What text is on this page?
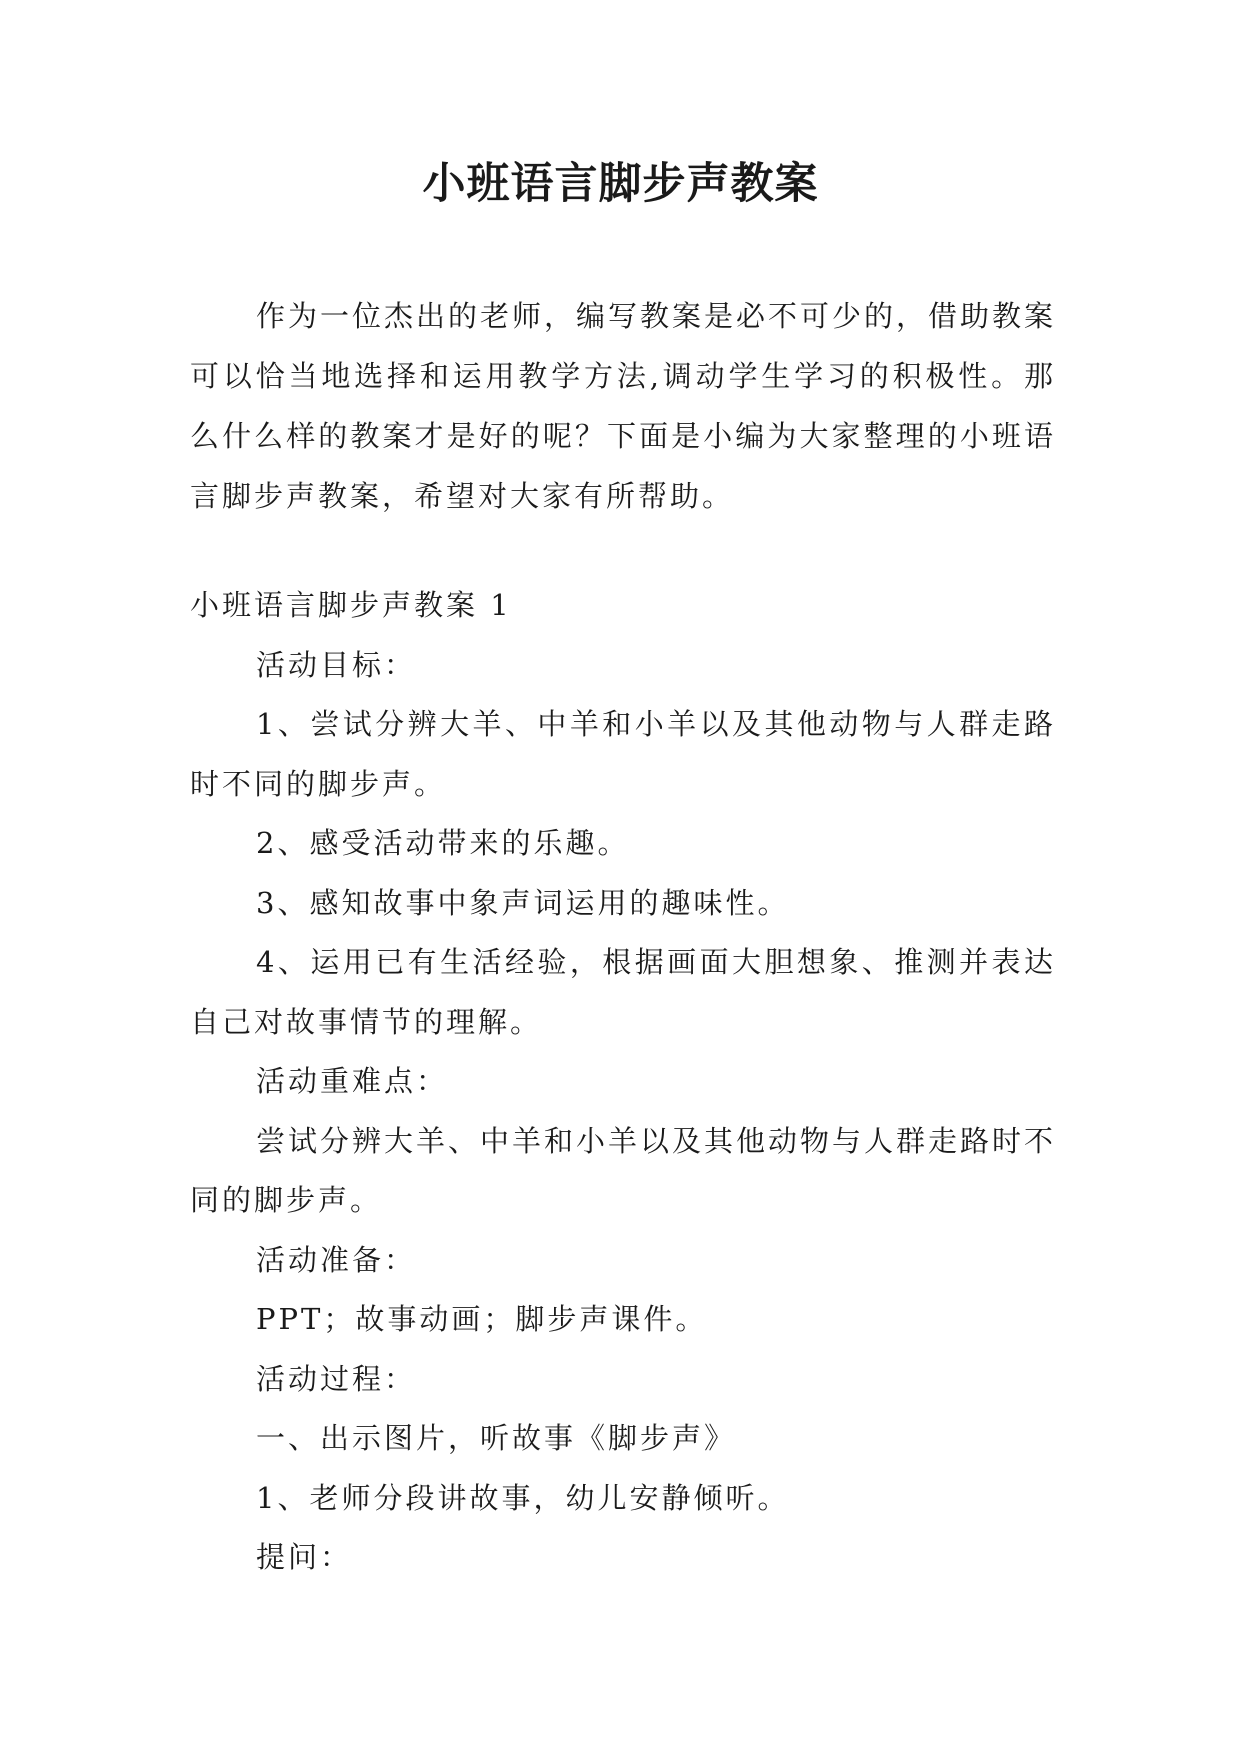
小班语言脚步声教案
作为一位杰出的老师，编写教案是必不可少的，借助教案可以恰当地选择和运用教学方法,调动学生学习的积极性。那么什么样的教案才是好的呢？下面是小编为大家整理的小班语言脚步声教案，希望对大家有所帮助。

小班语言脚步声教案 1

活动目标：

1、尝试分辨大羊、中羊和小羊以及其他动物与人群走路时不同的脚步声。

2、感受活动带来的乐趣。

3、感知故事中象声词运用的趣味性。

4、运用已有生活经验，根据画面大胆想象、推测并表达自己对故事情节的理解。

活动重难点：

尝试分辨大羊、中羊和小羊以及其他动物与人群走路时不同的脚步声。

活动准备：

PPT；故事动画；脚步声课件。

活动过程：

一、出示图片，听故事《脚步声》

1、老师分段讲故事，幼儿安静倾听。

提问：
